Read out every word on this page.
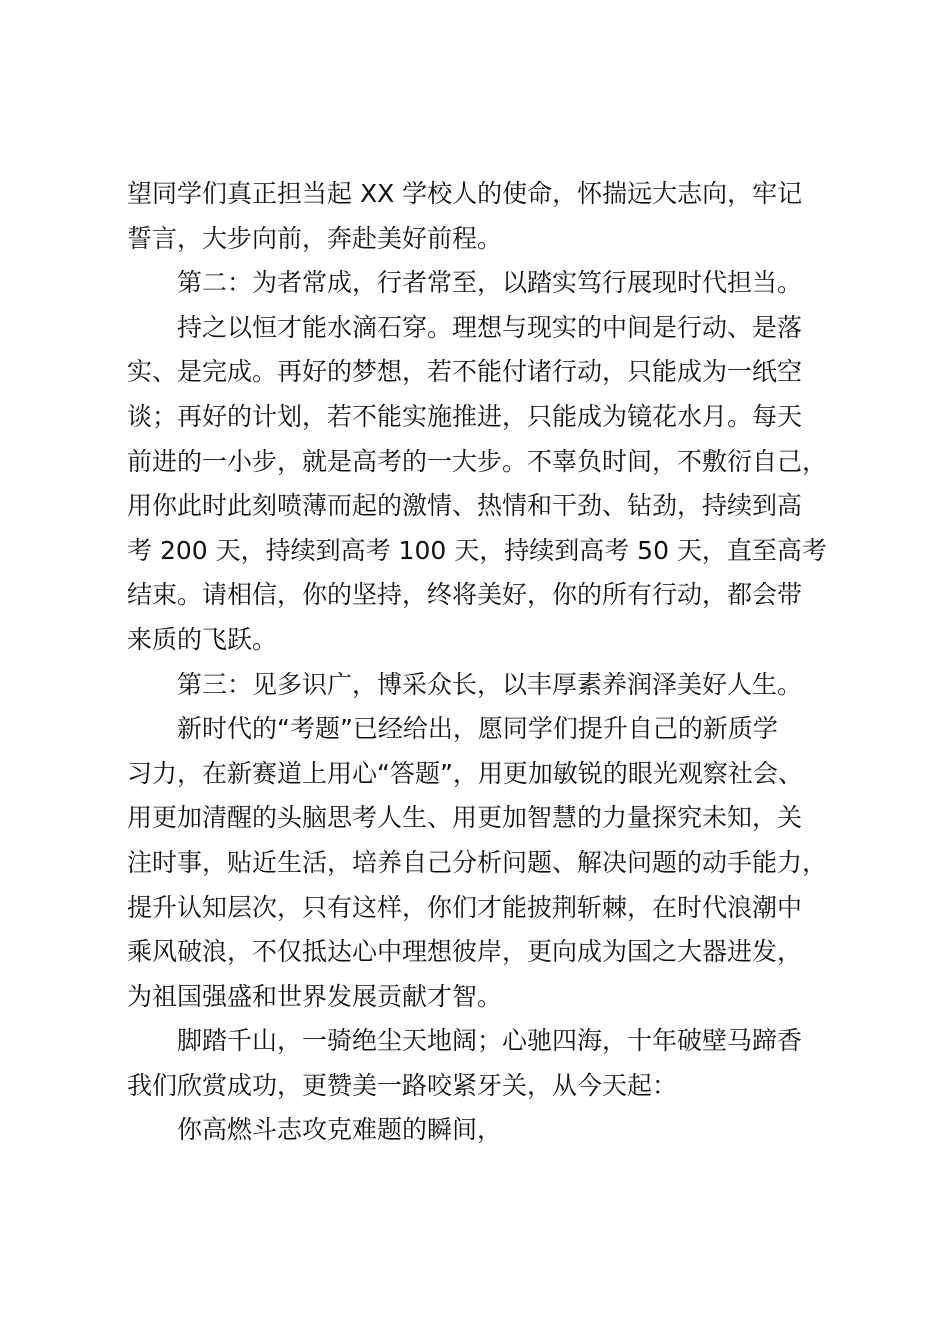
望同学们真正担当起 XX 学校人的使命，怀揣远大志向，牢记
誓言，大步向前，奔赴美好前程。
第二：为者常成，行者常至，以踏实笃行展现时代担当。
持之以恒才能水滴石穿。理想与现实的中间是行动、是落
实、是完成。再好的梦想，若不能付诸行动，只能成为一纸空
谈；再好的计划，若不能实施推进，只能成为镜花水月。每天
前进的一小步，就是高考的一大步。不辜负时间，不敷衍自己，
用你此时此刻喷薄而起的激情、热情和干劲、钻劲，持续到高
考 200 天，持续到高考 100 天，持续到高考 50 天，直至高考
结束。请相信，你的坚持，终将美好，你的所有行动，都会带
来质的飞跃。
第三：见多识广，博采众长，以丰厚素养润泽美好人生。
新时代的“考题”已经给出，愿同学们提升自己的新质学
习力，在新赛道上用心“答题”，用更加敏锐的眼光观察社会、
用更加清醒的头脑思考人生、用更加智慧的力量探究未知，关
注时事，贴近生活，培养自己分析问题、解决问题的动手能力，
提升认知层次，只有这样，你们才能披荆斩棘，在时代浪潮中
乘风破浪，不仅抵达心中理想彼岸，更向成为国之大器进发，
为祖国强盛和世界发展贡献才智。
脚踏千山，一骑绝尘天地阔；心驰四海，十年破壁马蹄香
我们欣赏成功，更赞美一路咬紧牙关，从今天起：
你高燃斗志攻克难题的瞬间，
